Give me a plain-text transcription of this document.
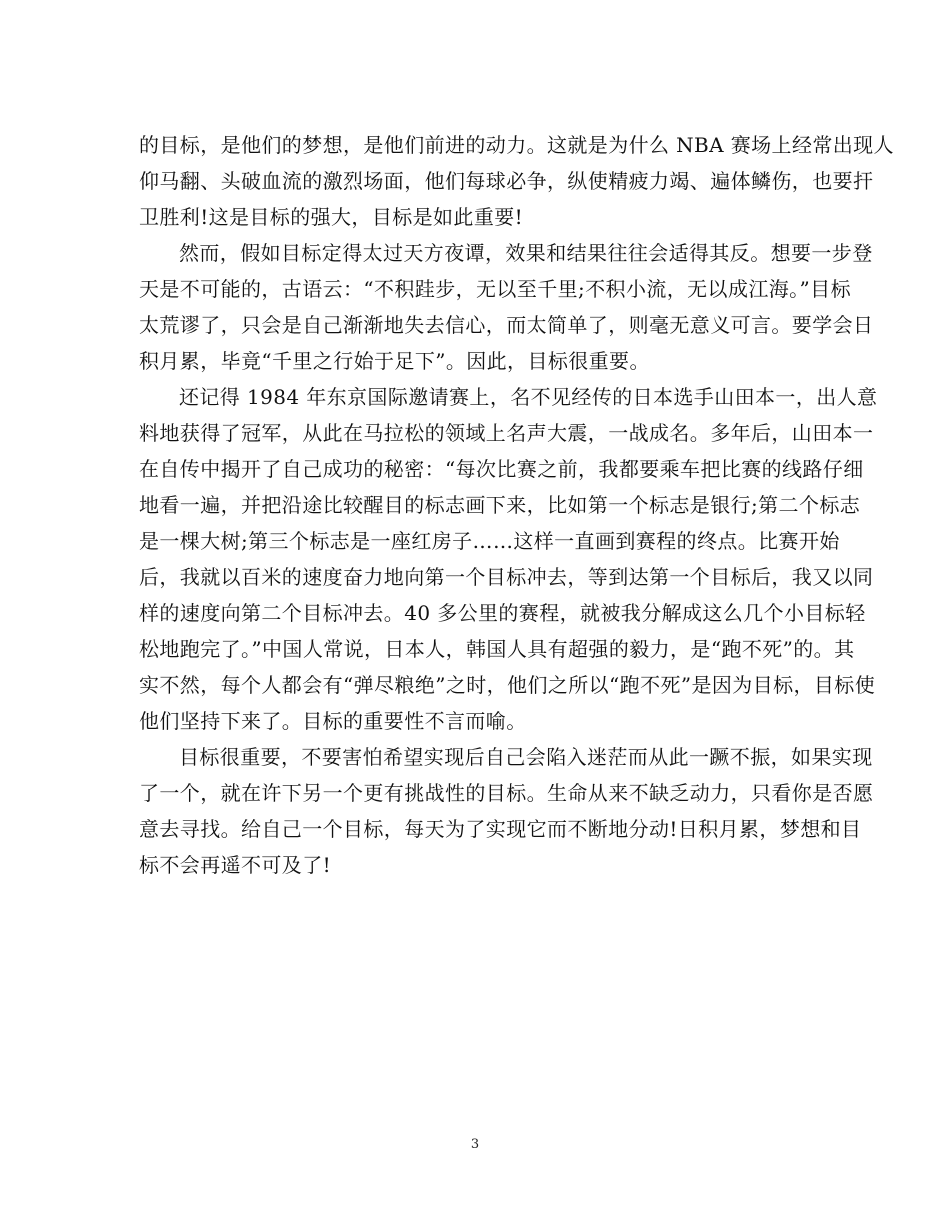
的目标，是他们的梦想，是他们前进的动力。这就是为什么 NBA 赛场上经常出现人
仰马翻、头破血流的激烈场面，他们每球必争，纵使精疲力竭、遍体鳞伤，也要扞
卫胜利!这是目标的强大，目标是如此重要!
然而，假如目标定得太过天方夜谭，效果和结果往往会适得其反。想要一步登
天是不可能的，古语云：“不积跬步，无以至千里;不积小流，无以成江海。”目标
太荒谬了，只会是自己渐渐地失去信心，而太简单了，则毫无意义可言。要学会日
积月累，毕竟“千里之行始于足下”。因此，目标很重要。
还记得 1984 年东京国际邀请赛上，名不见经传的日本选手山田本一，出人意
料地获得了冠军，从此在马拉松的领域上名声大震，一战成名。多年后，山田本一
在自传中揭开了自己成功的秘密：“每次比赛之前，我都要乘车把比赛的线路仔细
地看一遍，并把沿途比较醒目的标志画下来，比如第一个标志是银行;第二个标志
是一棵大树;第三个标志是一座红房子……这样一直画到赛程的终点。比赛开始
后，我就以百米的速度奋力地向第一个目标冲去，等到达第一个目标后，我又以同
样的速度向第二个目标冲去。40 多公里的赛程，就被我分解成这么几个小目标轻
松地跑完了。”中国人常说，日本人，韩国人具有超强的毅力，是“跑不死”的。其
实不然，每个人都会有“弹尽粮绝”之时，他们之所以“跑不死”是因为目标，目标使
他们坚持下来了。目标的重要性不言而喻。
目标很重要，不要害怕希望实现后自己会陷入迷茫而从此一蹶不振，如果实现
了一个，就在许下另一个更有挑战性的目标。生命从来不缺乏动力，只看你是否愿
意去寻找。给自己一个目标，每天为了实现它而不断地分动!日积月累，梦想和目
标不会再遥不可及了!
3
